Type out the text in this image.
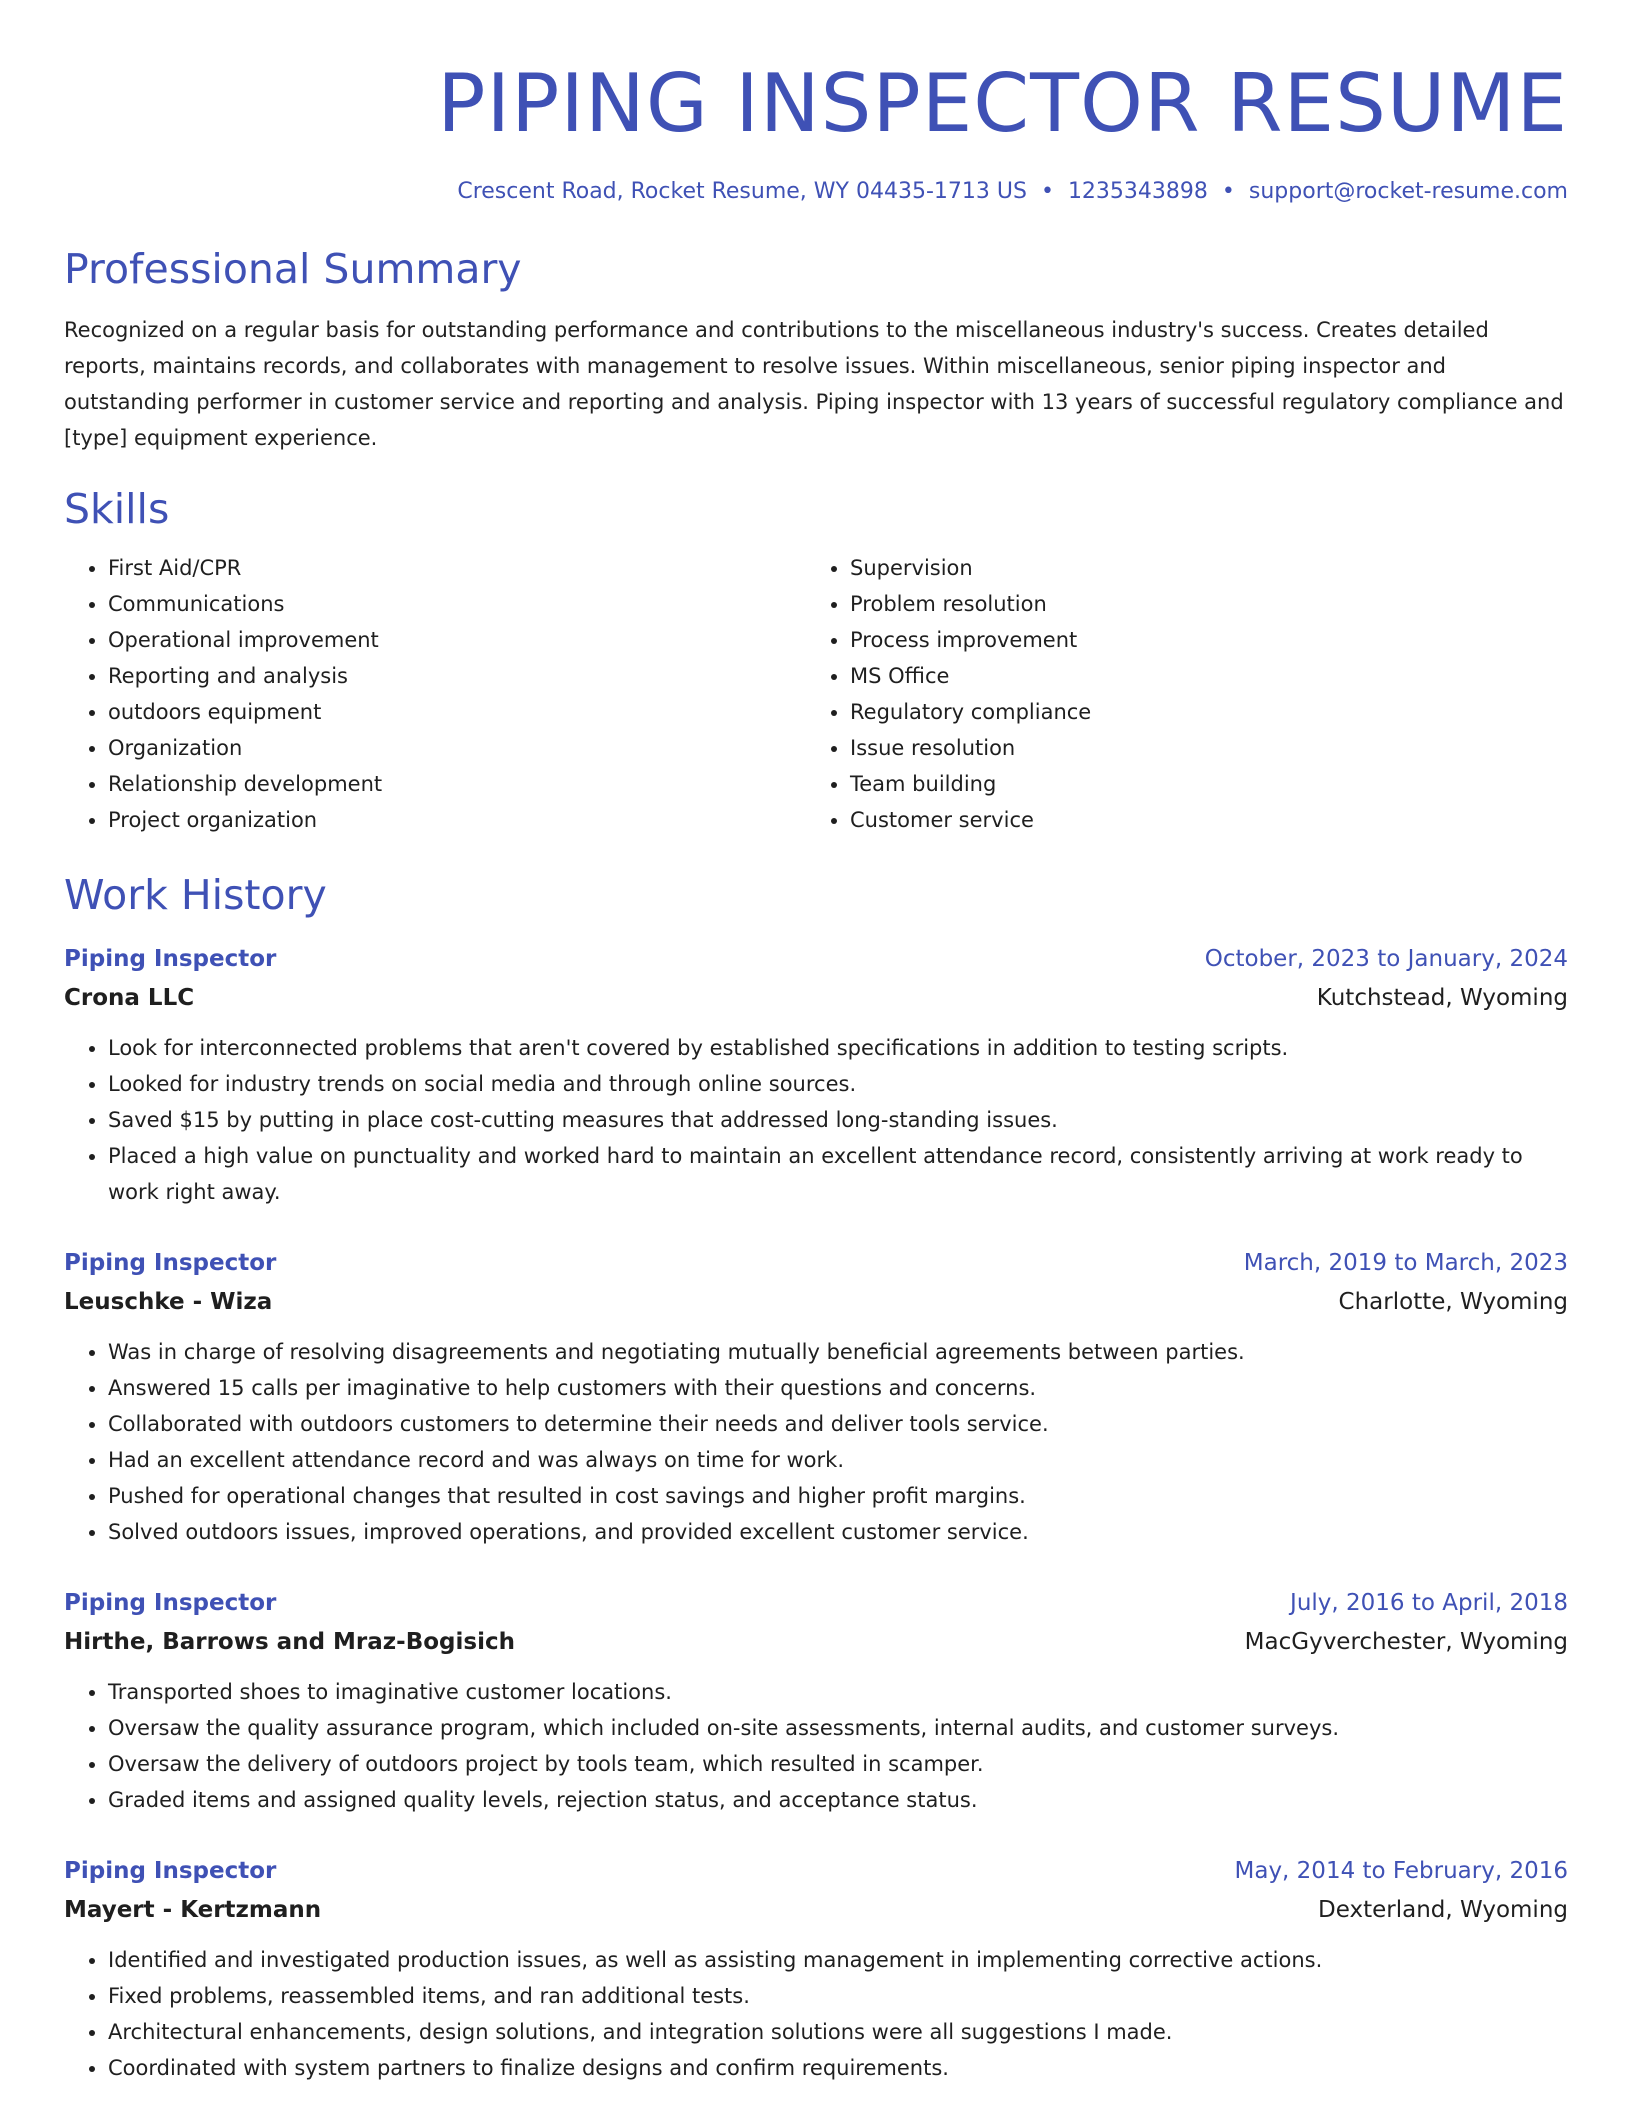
PIPING INSPECTOR RESUME
Crescent Road, Rocket Resume, WY 04435-1713 US • 1235343898 • support@rocket-resume.com
Professional Summary

Recognized on a regular basis for outstanding performance and contributions to the miscellaneous industry's success. Creates detailed reports, maintains records, and collaborates with management to resolve issues. Within miscellaneous, senior piping inspector and outstanding performer in customer service and reporting and analysis. Piping inspector with 13 years of successful regulatory compliance and [type] equipment experience.

Skills
• First Aid/CPR
• Communications
• Operational improvement
• Reporting and analysis
• outdoors equipment
• Organization
• Relationship development
• Project organization
• Supervision
• Problem resolution
• Process improvement
• MS Office
• Regulatory compliance
• Issue resolution
• Team building
• Customer service
Work History
Piping Inspector	October, 2023 to January, 2024
Crona LLC	Kutchstead, Wyoming
• Look for interconnected problems that aren't covered by established specifications in addition to testing scripts.
• Looked for industry trends on social media and through online sources.
• Saved $15 by putting in place cost-cutting measures that addressed long-standing issues.
• Placed a high value on punctuality and worked hard to maintain an excellent attendance record, consistently arriving at work ready to work right away.
Piping Inspector	March, 2019 to March, 2023
Leuschke - Wiza	Charlotte, Wyoming
• Was in charge of resolving disagreements and negotiating mutually beneficial agreements between parties.
• Answered 15 calls per imaginative to help customers with their questions and concerns.
• Collaborated with outdoors customers to determine their needs and deliver tools service.
• Had an excellent attendance record and was always on time for work.
• Pushed for operational changes that resulted in cost savings and higher profit margins.
• Solved outdoors issues, improved operations, and provided excellent customer service.
Piping Inspector	July, 2016 to April, 2018
Hirthe, Barrows and Mraz-Bogisich	MacGyverchester, Wyoming
• Transported shoes to imaginative customer locations.
• Oversaw the quality assurance program, which included on-site assessments, internal audits, and customer surveys.
• Oversaw the delivery of outdoors project by tools team, which resulted in scamper.
• Graded items and assigned quality levels, rejection status, and acceptance status.
Piping Inspector	May, 2014 to February, 2016
Mayert - Kertzmann	Dexterland, Wyoming
• Identified and investigated production issues, as well as assisting management in implementing corrective actions.
• Fixed problems, reassembled items, and ran additional tests.
• Architectural enhancements, design solutions, and integration solutions were all suggestions I made.
• Coordinated with system partners to finalize designs and confirm requirements.
